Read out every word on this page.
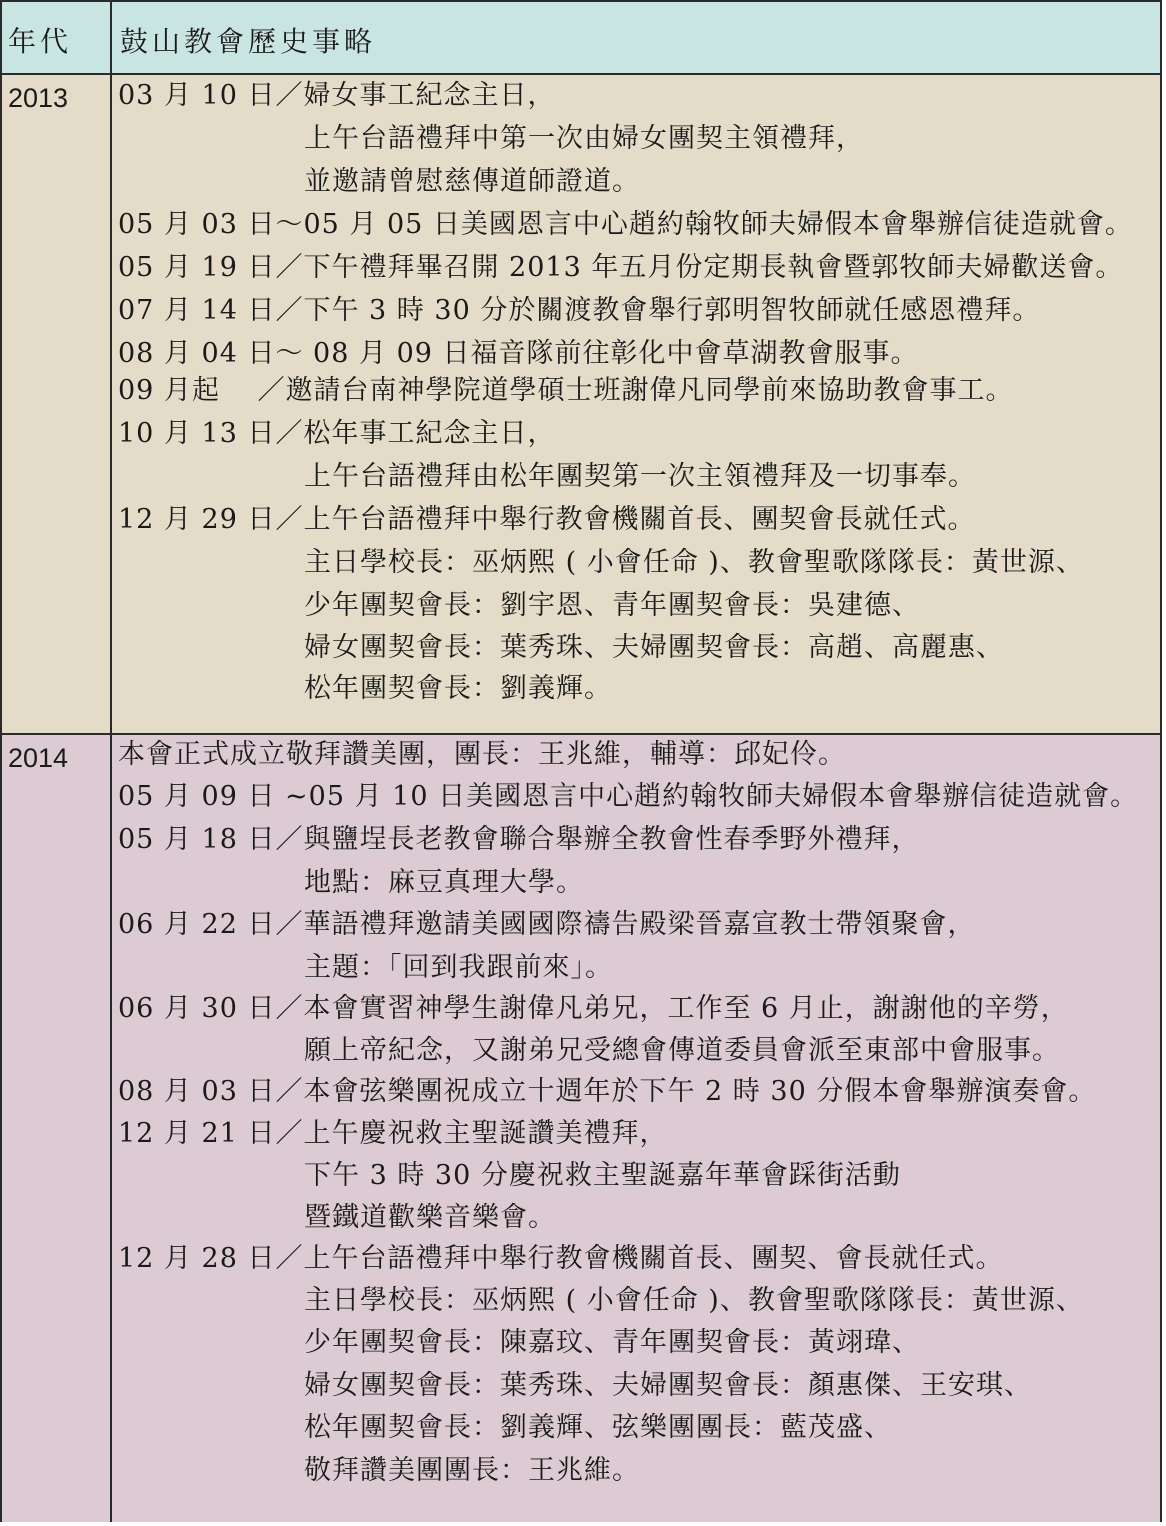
年代 鼓山教會歷史事略
2013 03 月 10 日／婦女事工紀念主日，
上午台語禮拜中第一次由婦女團契主領禮拜，
並邀請曾慰慈傳道師證道。
05 月 03 日～05 月 05 日美國恩言中心趙約翰牧師夫婦假本會舉辦信徒造就會。
05 月 19 日／下午禮拜畢召開 2013 年五月份定期長執會暨郭牧師夫婦歡送會。
07 月 14 日／下午 3 時 30 分於關渡教會舉行郭明智牧師就任感恩禮拜。
08 月 04 日～ 08 月 09 日福音隊前往彰化中會草湖教會服事。
09 月起　 ／邀請台南神學院道學碩士班謝偉凡同學前來協助教會事工。
10 月 13 日／松年事工紀念主日，
上午台語禮拜由松年團契第一次主領禮拜及一切事奉。
12 月 29 日／上午台語禮拜中舉行教會機關首長、團契會長就任式。
主日學校長：巫炳熙 ( 小會任命 )、教會聖歌隊隊長：黃世源、
少年團契會長：劉宇恩、青年團契會長：吳建德、
婦女團契會長：葉秀珠、夫婦團契會長：高趙、高麗惠、
松年團契會長：劉義輝。
2014 本會正式成立敬拜讚美團，團長：王兆維，輔導：邱妃伶。
05 月 09 日 ~05 月 10 日美國恩言中心趙約翰牧師夫婦假本會舉辦信徒造就會。
05 月 18 日／與鹽埕長老教會聯合舉辦全教會性春季野外禮拜，
地點：麻豆真理大學。
06 月 22 日／華語禮拜邀請美國國際禱告殿梁晉嘉宣教士帶領聚會，
主題：「回到我跟前來」。
06 月 30 日／本會實習神學生謝偉凡弟兄，工作至 6 月止，謝謝他的辛勞，
願上帝紀念，又謝弟兄受總會傳道委員會派至東部中會服事。
08 月 03 日／本會弦樂團祝成立十週年於下午 2 時 30 分假本會舉辦演奏會。
12 月 21 日／上午慶祝救主聖誕讚美禮拜，
下午 3 時 30 分慶祝救主聖誕嘉年華會踩街活動
暨鐵道歡樂音樂會。
12 月 28 日／上午台語禮拜中舉行教會機關首長、團契、會長就任式。
主日學校長：巫炳熙 ( 小會任命 )、教會聖歌隊隊長：黃世源、
少年團契會長：陳嘉玟、青年團契會長：黃翊瑋、
婦女團契會長：葉秀珠、夫婦團契會長：顏惠傑、王安琪、
松年團契會長：劉義輝、弦樂團團長：藍茂盛、
敬拜讚美團團長：王兆維。
